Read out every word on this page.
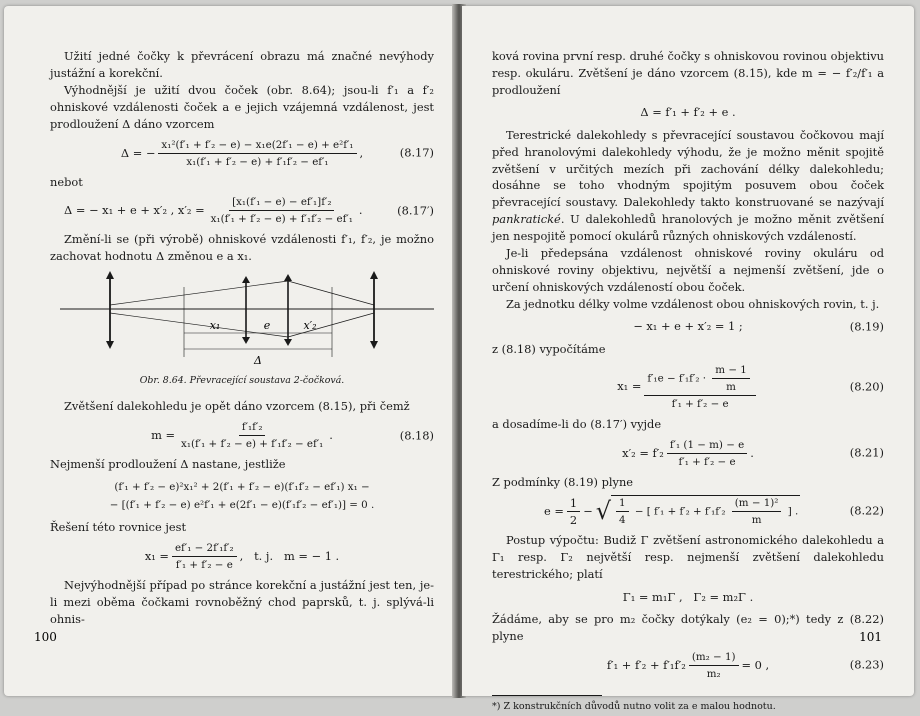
Užití jedné čočky k převrácení obrazu má značné nevýhody justážní a korekční.

Výhodnější je užití dvou čoček (obr. 8.64); jsou-li f′₁ a f′₂ ohniskové vzdálenosti čoček a e jejich vzájemná vzdálenost, jest prodloužení Δ dáno vzorcem

Δ = − $\frac{\text{x₁²(f′₁ + f′₂ − e) − x₁e(2f′₁ − e) + e²f′₁}}{\text{x₁(f′₁ + f′₂ − e) + f′₁f′₂ − ef′₁}}$ ,	(8.17)

nebot

Δ = − x₁ + e + x′₂ , $x'_2 = \frac{\text{[x₁(f′₁ − e) − ef′₁]f′₂}}{\text{x₁(f′₁ + f′₂ − e) + f′₁f′₂ − ef′₁}}$ .	(8.17′)

Změní-li se (při výrobě) ohniskové vzdálenosti f′₁, f′₂, je možno zachovat hodnotu Δ změnou e a x₁.

x₁	e	x′₂
Δ
Obr. 8.64. Převracející soustava 2-čočková.

Zvětšení dalekohledu je opět dáno vzorcem (8.15), při čemž

$m = \frac{\text{f′₁f′₂}}{\text{x₁(f′₁ + f′₂ − e) + f′₁f′₂ − ef′₁}}$ .	(8.18)

Nejmenší prodloužení Δ nastane, jestliže

(f′₁ + f′₂ − e)²x₁² + 2(f′₁ + f′₂ − e)(f′₁f′₂ − ef′₁) x₁ −
− [(f′₁ + f′₂ − e) e²f′₁ + e(2f′₁ − e)(f′₁f′₂ − ef′₁)] = 0 .

Řešení této rovnice jest

$x_1 = \frac{\text{ef′₁ − 2f′₁f′₂}}{\text{f′₁ + f′₂ − e}}$ ,   t. j.   m = − 1 .

Nejvýhodnější případ po stránce korekční a justážní jest ten, je-li mezi oběma čočkami rovnoběžný chod paprsků, t. j. splývá-li ohnis-

100

ková rovina první resp. druhé čočky s ohniskovou rovinou objektivu resp. okuláru. Zvětšení je dáno vzorcem (8.15), kde m = − f′₂/f′₁ a prodloužení

Δ = f′₁ + f′₂ + e .

Terestrické dalekohledy s převracející soustavou čočkovou mají před hranolovými dalekohledy výhodu, že je možno měnit spojitě zvětšení v určitých mezích při zachování délky dalekohledu; dosáhne se toho vhodným spojitým posuvem obou čoček převracející soustavy. Dalekohledy takto konstruované se nazývají pankratické. U dalekohledů hranolových je možno měnit zvětšení jen nespojitě pomocí okulárů různých ohniskových vzdáleností.

Je-li předepsána vzdálenost ohniskové roviny okuláru od ohniskové roviny objektivu, největší a nejmenší zvětšení, jde o určení ohniskových vzdáleností obou čoček.

Za jednotku délky volme vzdálenost obou ohniskových rovin, t. j.

− x₁ + e + x′₂ = 1 ;	(8.19)

z (8.18) vypočítáme

x₁ =
$f'_1e - f'_1f'_2 \cdot \frac{m - 1}{m}$
f′₁ + f′₂ − e
(8.20)

a dosadíme-li do (8.17′) vyjde

$x'_2 = f'_2 \frac{\text{f′₁ (1 − m) − e}}{\text{f′₁ + f′₂ − e}}$ .	(8.21)

Z podmínky (8.19) plyne

$e = \frac{1}{2}$ − √ $\frac{1}{4}$ − [ $f'_1 + f'_2 + f'_1f'_2 \frac{\text{(m − 1)²}}{m}$ ] .	(8.22)

Postup výpočtu: Budiž Γ zvětšení astronomického dalekohledu a Γ₁ resp. Γ₂ největší resp. nejmenší zvětšení dalekohledu terestrického; platí

Γ₁ = m₁Γ ,   Γ₂ = m₂Γ .

Žádáme, aby se pro m₂ čočky dotýkaly (e₂ = 0);*) tedy z (8.22) plyne

$f'_1 + f'_2 + f'_1f'_2 \frac{\text{(m₂ − 1)}}{\text{m₂}} = 0$ ,	(8.23)

*) Z konstrukčních důvodů nutno volit za e malou hodnotu.

101
